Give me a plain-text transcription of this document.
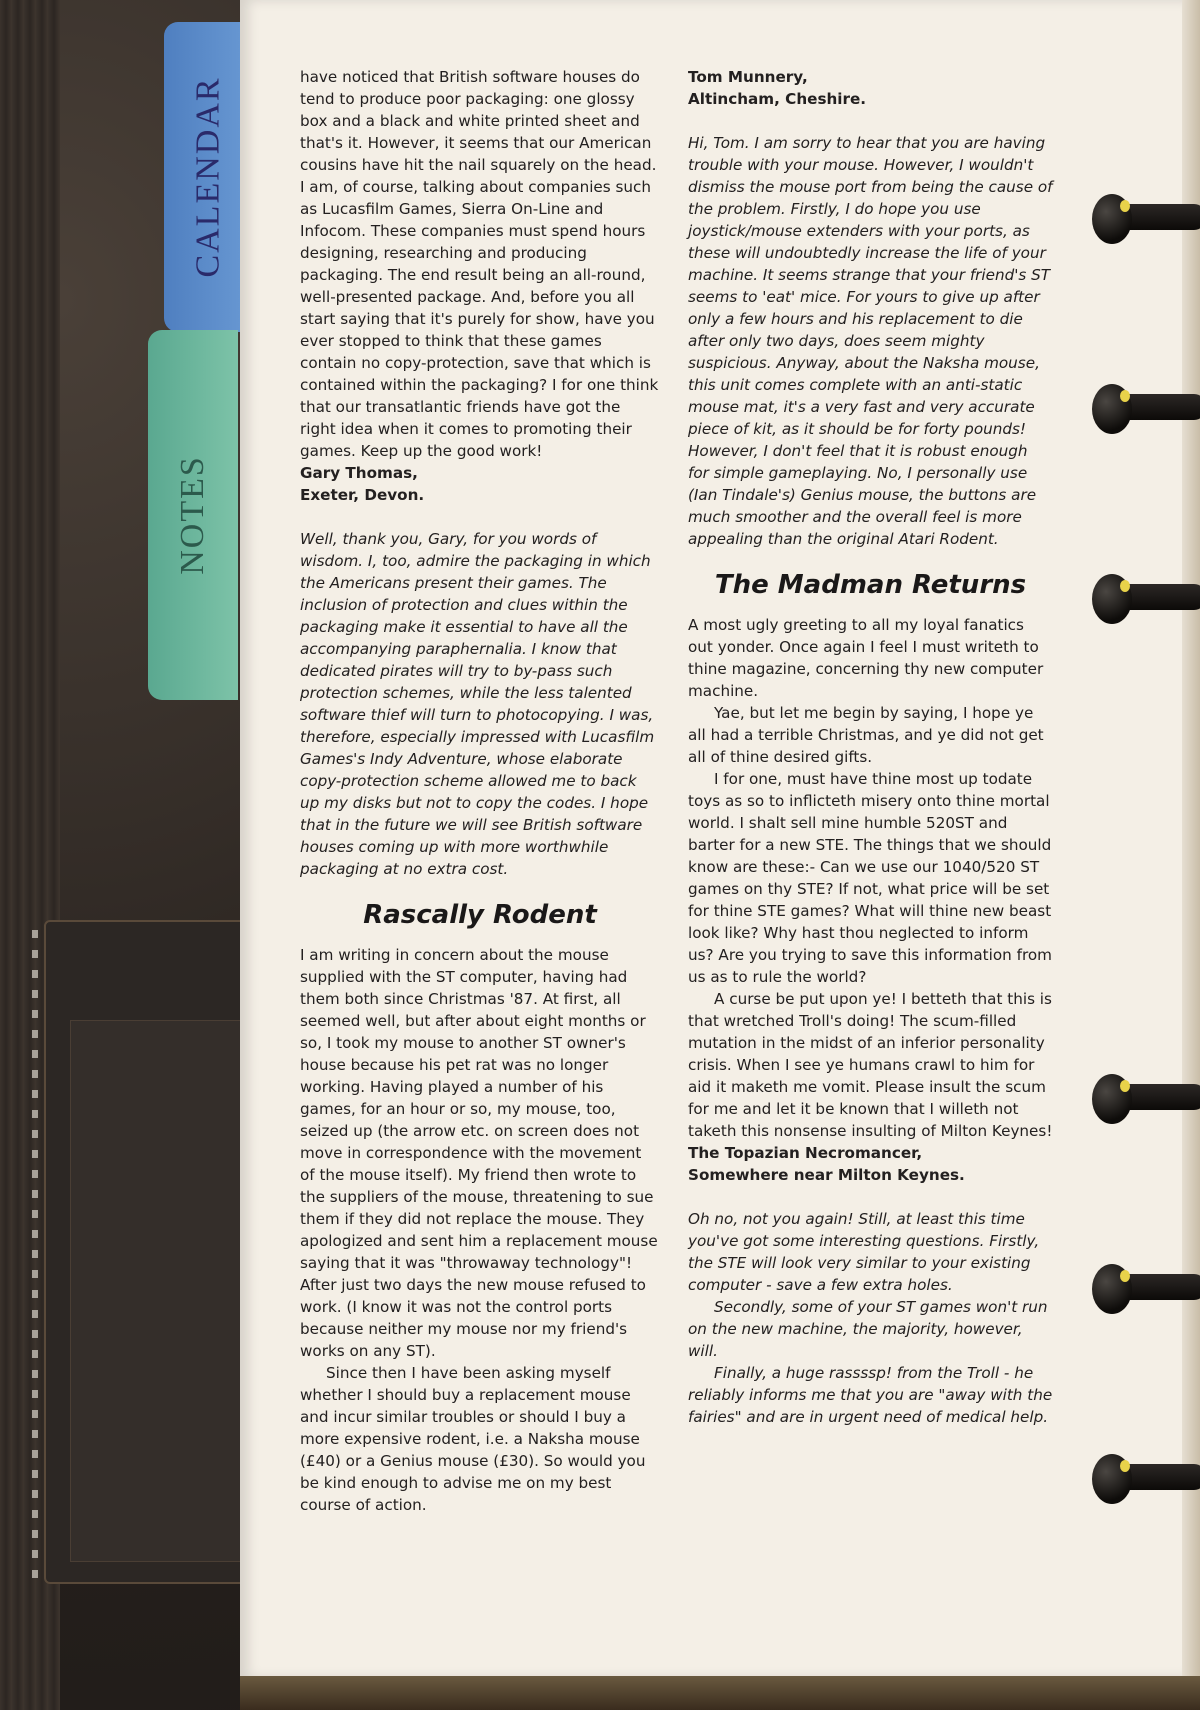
CALENDAR
NOTES

have noticed that British software houses do tend to produce poor packaging: one glossy box and a black and white printed sheet and that's it. However, it seems that our American cousins have hit the nail squarely on the head. I am, of course, talking about companies such as Lucasfilm Games, Sierra On-Line and Infocom. These companies must spend hours designing, researching and producing packaging. The end result being an all-round, well-presented package. And, before you all start saying that it's purely for show, have you ever stopped to think that these games contain no copy-protection, save that which is contained within the packaging? I for one think that our transatlantic friends have got the right idea when it comes to promoting their games. Keep up the good work!

Gary Thomas,

Exeter, Devon.

Well, thank you, Gary, for you words of wisdom. I, too, admire the packaging in which the Americans present their games. The inclusion of protection and clues within the packaging make it essential to have all the accompanying paraphernalia. I know that dedicated pirates will try to by-pass such protection schemes, while the less talented software thief will turn to photocopying. I was, therefore, especially impressed with Lucasfilm Games's Indy Adventure, whose elaborate copy-protection scheme allowed me to back up my disks but not to copy the codes. I hope that in the future we will see British software houses coming up with more worthwhile packaging at no extra cost.

Rascally Rodent

I am writing in concern about the mouse supplied with the ST computer, having had them both since Christmas '87. At first, all seemed well, but after about eight months or so, I took my mouse to another ST owner's house because his pet rat was no longer working. Having played a number of his games, for an hour or so, my mouse, too, seized up (the arrow etc. on screen does not move in correspondence with the movement of the mouse itself). My friend then wrote to the suppliers of the mouse, threatening to sue them if they did not replace the mouse. They apologized and sent him a replacement mouse saying that it was "throwaway technology"! After just two days the new mouse refused to work. (I know it was not the control ports because neither my mouse nor my friend's works on any ST).

Since then I have been asking myself whether I should buy a replacement mouse and incur similar troubles or should I buy a more expensive rodent, i.e. a Naksha mouse (£40) or a Genius mouse (£30). So would you be kind enough to advise me on my best course of action.

Tom Munnery,

Altincham, Cheshire.

Hi, Tom. I am sorry to hear that you are having trouble with your mouse. However, I wouldn't dismiss the mouse port from being the cause of the problem. Firstly, I do hope you use joystick/mouse extenders with your ports, as these will undoubtedly increase the life of your machine. It seems strange that your friend's ST seems to 'eat' mice. For yours to give up after only a few hours and his replacement to die after only two days, does seem mighty suspicious. Anyway, about the Naksha mouse, this unit comes complete with an anti-static mouse mat, it's a very fast and very accurate piece of kit, as it should be for forty pounds! However, I don't feel that it is robust enough for simple gameplaying. No, I personally use (Ian Tindale's) Genius mouse, the buttons are much smoother and the overall feel is more appealing than the original Atari Rodent.

The Madman Returns

A most ugly greeting to all my loyal fanatics out yonder. Once again I feel I must writeth to thine magazine, concerning thy new computer machine.

Yae, but let me begin by saying, I hope ye all had a terrible Christmas, and ye did not get all of thine desired gifts.

I for one, must have thine most up todate toys as so to inflicteth misery onto thine mortal world. I shalt sell mine humble 520ST and barter for a new STE. The things that we should know are these:- Can we use our 1040/520 ST games on thy STE? If not, what price will be set for thine STE games? What will thine new beast look like? Why hast thou neglected to inform us? Are you trying to save this information from us as to rule the world?

A curse be put upon ye! I betteth that this is that wretched Troll's doing! The scum-filled mutation in the midst of an inferior personality crisis. When I see ye humans crawl to him for aid it maketh me vomit. Please insult the scum for me and let it be known that I willeth not taketh this nonsense insulting of Milton Keynes!

The Topazian Necromancer,

Somewhere near Milton Keynes.

Oh no, not you again! Still, at least this time you've got some interesting questions. Firstly, the STE will look very similar to your existing computer - save a few extra holes.

Secondly, some of your ST games won't run on the new machine, the majority, however, will.

Finally, a huge rassssp! from the Troll - he reliably informs me that you are "away with the fairies" and are in urgent need of medical help.
